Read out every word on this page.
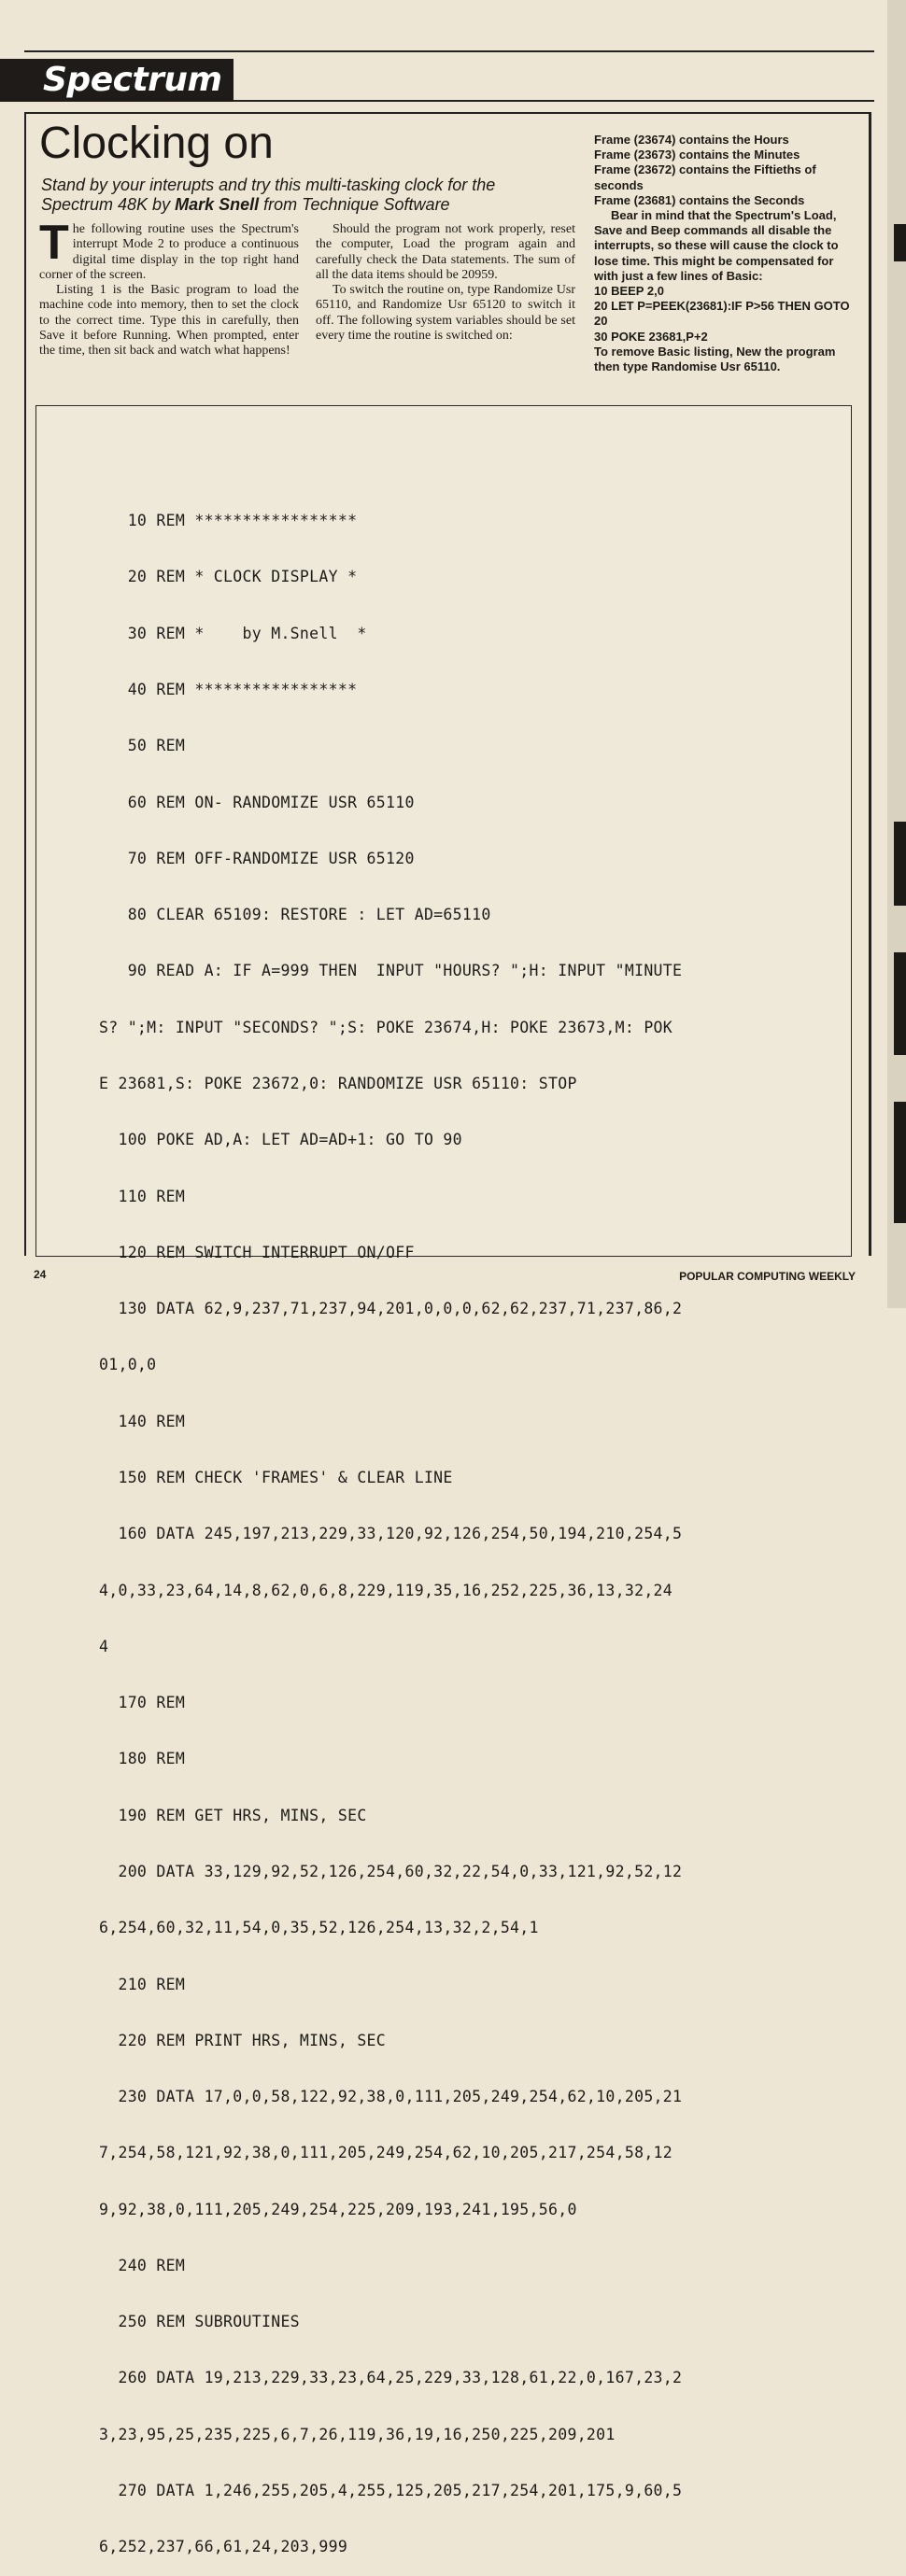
Spectrum
Clocking on
Stand by your interupts and try this multi-tasking clock for the Spectrum 48K by Mark Snell from Technique Software

The following routine uses the Spectrum's interrupt Mode 2 to produce a continuous digital time display in the top right hand corner of the screen.

Listing 1 is the Basic program to load the machine code into memory, then to set the clock to the correct time. Type this in carefully, then Save it before Running. When prompted, enter the time, then sit back and watch what happens!

Should the program not work properly, reset the computer, Load the program again and carefully check the Data statements. The sum of all the data items should be 20959.

To switch the routine on, type Randomize Usr 65110, and Randomize Usr 65120 to switch it off. The following system variables should be set every time the routine is switched on:

Frame (23674) contains the Hours
Frame (23673) contains the Minutes
Frame (23672) contains the Fiftieths of seconds
Frame (23681) contains the Seconds

Bear in mind that the Spectrum's Load, Save and Beep commands all disable the interrupts, so these will cause the clock to lose time. This might be compensated for with just a few lines of Basic:

10 BEEP 2,0
20 LET P=PEEK(23681):IF P>56 THEN GOTO 20
30 POKE 23681,P+2

To remove Basic listing, New the program then type Randomise Usr 65110.

10 REM *****************

20 REM * CLOCK DISPLAY *

30 REM *    by M.Snell  *

40 REM *****************

50 REM

60 REM ON- RANDOMIZE USR 65110

70 REM OFF-RANDOMIZE USR 65120

80 CLEAR 65109: RESTORE : LET AD=65110

90 READ A: IF A=999 THEN  INPUT "HOURS? ";H: INPUT "MINUTE

S? ";M: INPUT "SECONDS? ";S: POKE 23674,H: POKE 23673,M: POK

E 23681,S: POKE 23672,0: RANDOMIZE USR 65110: STOP

100 POKE AD,A: LET AD=AD+1: GO TO 90

110 REM

120 REM SWITCH INTERRUPT ON/OFF

130 DATA 62,9,237,71,237,94,201,0,0,0,62,62,237,71,237,86,2

01,0,0

140 REM

150 REM CHECK 'FRAMES' & CLEAR LINE

160 DATA 245,197,213,229,33,120,92,126,254,50,194,210,254,5

4,0,33,23,64,14,8,62,0,6,8,229,119,35,16,252,225,36,13,32,24

4

170 REM

180 REM

190 REM GET HRS, MINS, SEC

200 DATA 33,129,92,52,126,254,60,32,22,54,0,33,121,92,52,12

6,254,60,32,11,54,0,35,52,126,254,13,32,2,54,1

210 REM

220 REM PRINT HRS, MINS, SEC

230 DATA 17,0,0,58,122,92,38,0,111,205,249,254,62,10,205,21

7,254,58,121,92,38,0,111,205,249,254,62,10,205,217,254,58,12

9,92,38,0,111,205,249,254,225,209,193,241,195,56,0

240 REM

250 REM SUBROUTINES

260 DATA 19,213,229,33,23,64,25,229,33,128,61,22,0,167,23,2

3,23,95,25,235,225,6,7,26,119,36,19,16,250,225,209,201

270 DATA 1,246,255,205,4,255,125,205,217,254,201,175,9,60,5

6,252,237,66,61,24,203,999

24	POPULAR COMPUTING WEEKLY
